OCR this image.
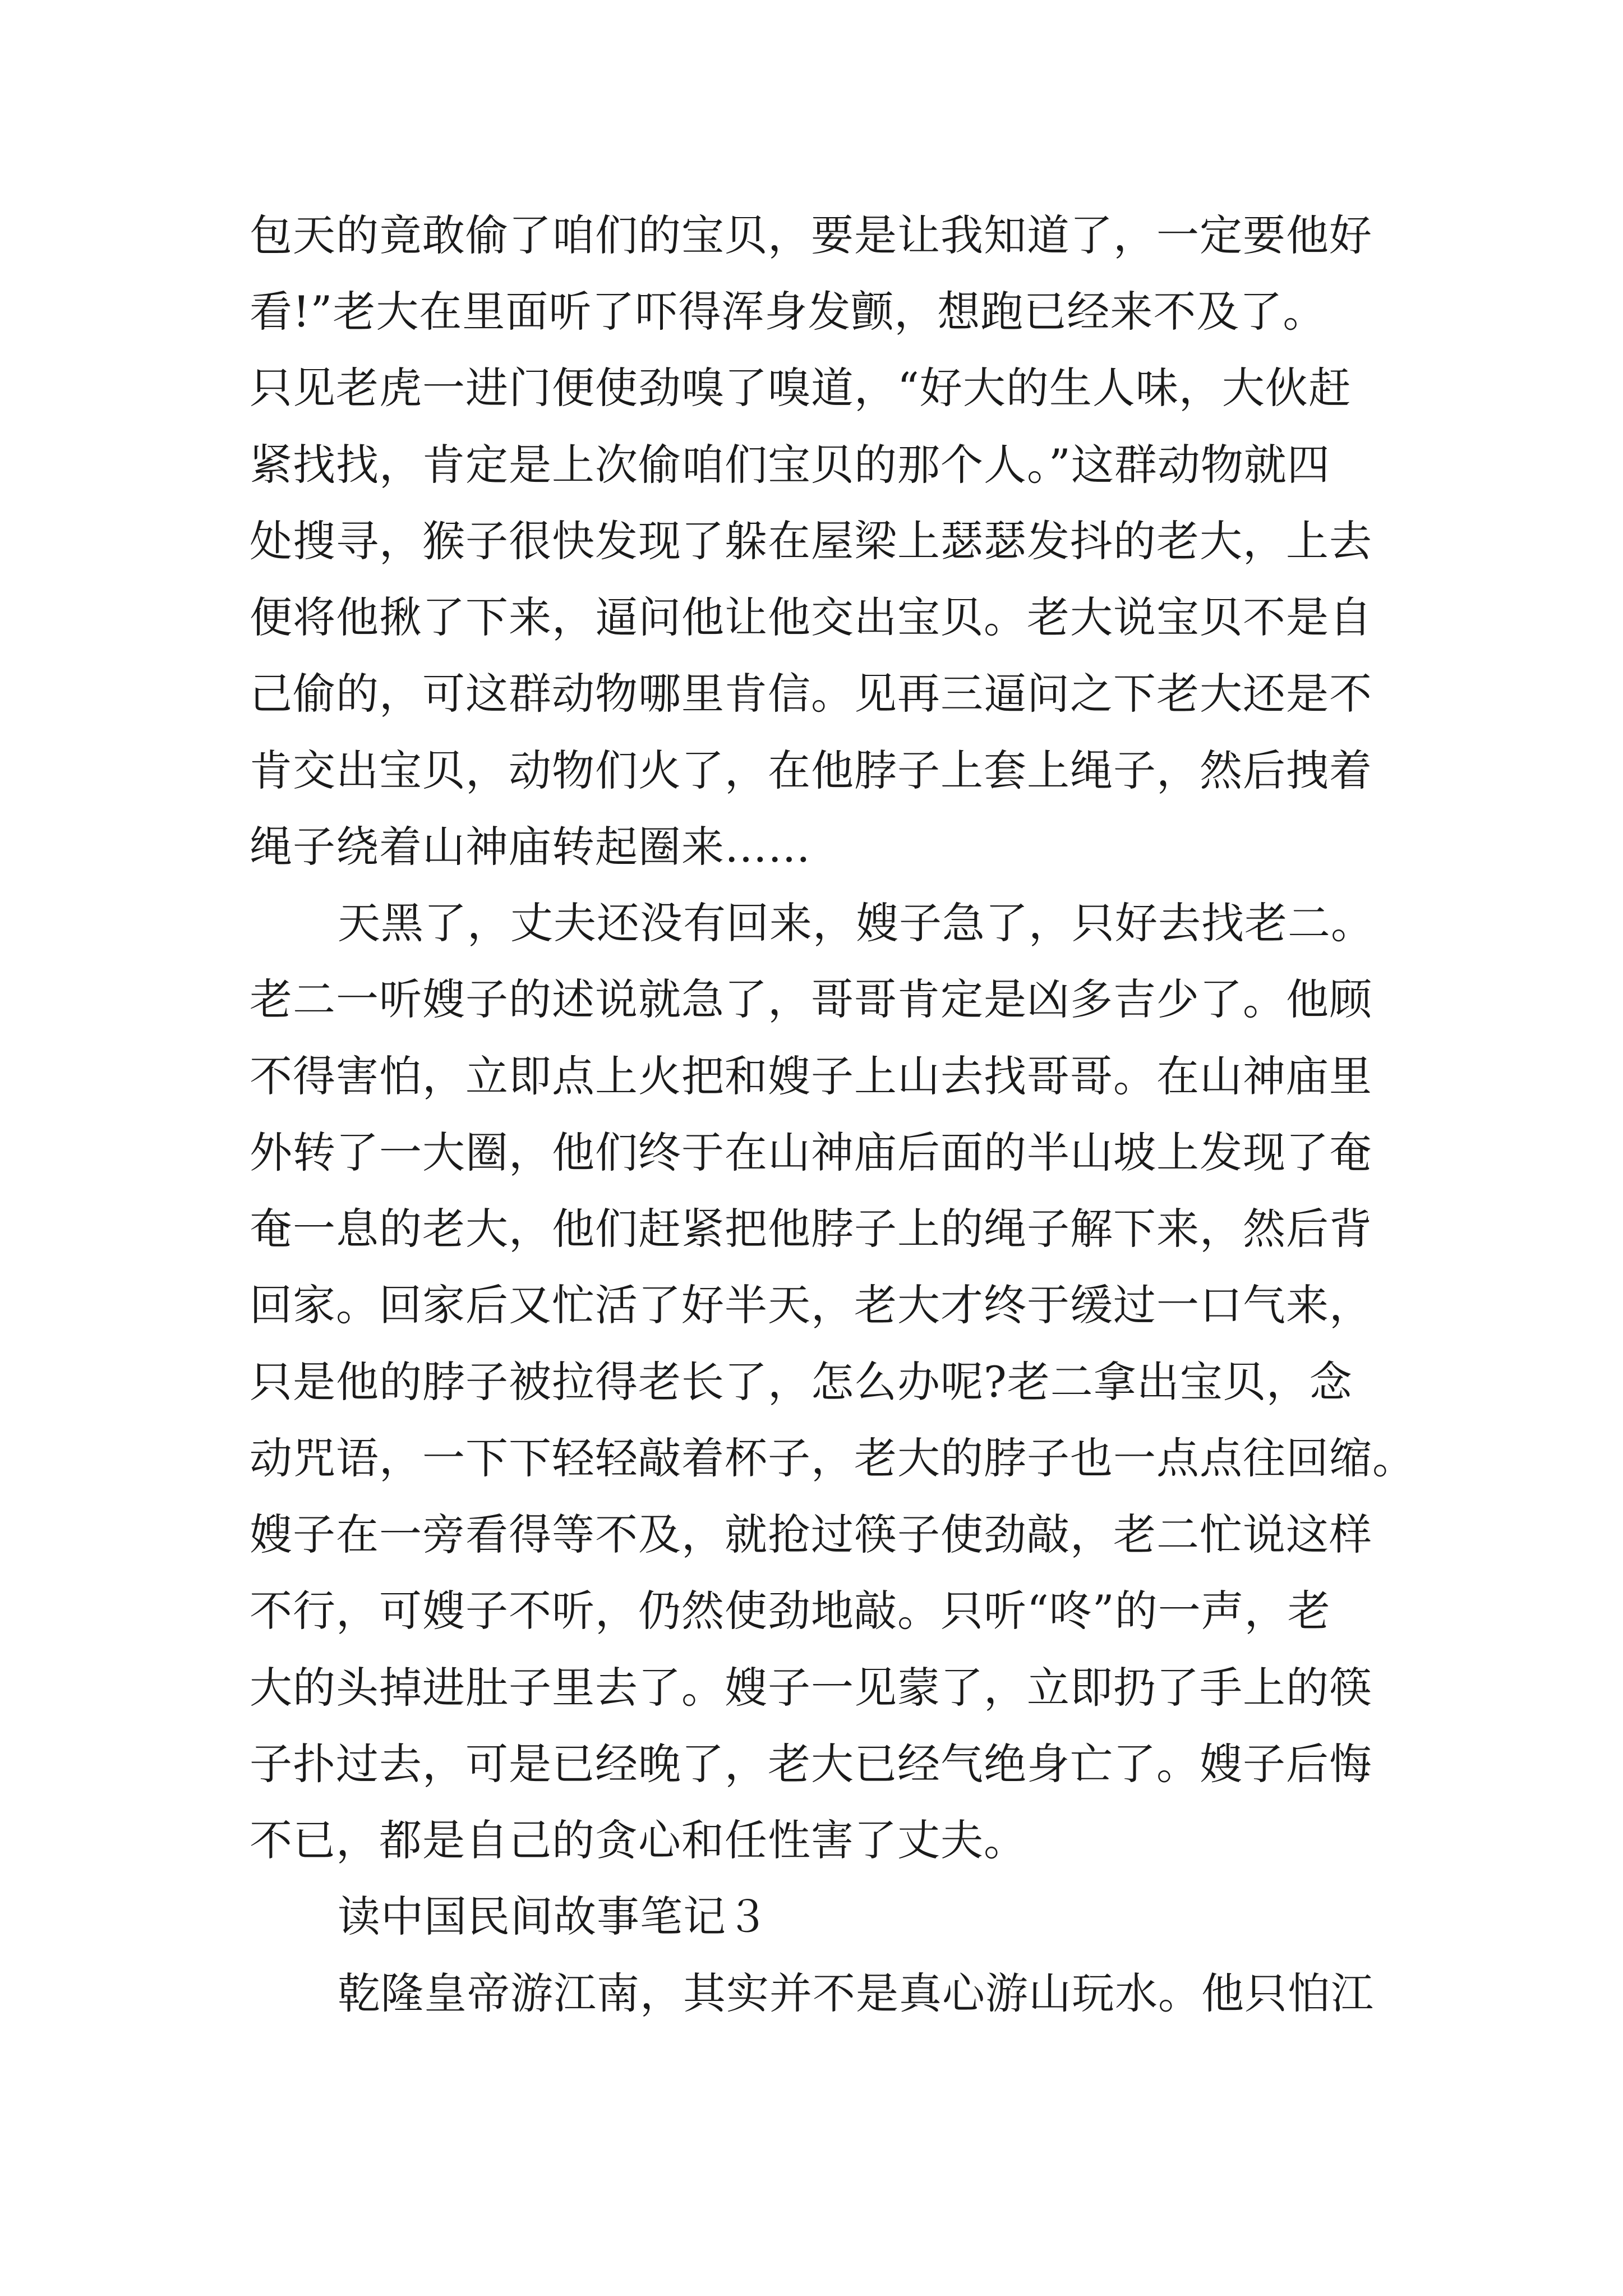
包天的竟敢偷了咱们的宝贝，要是让我知道了，一定要他好
看!”老大在里面听了吓得浑身发颤，想跑已经来不及了。
只见老虎一进门便使劲嗅了嗅道，“好大的生人味，大伙赶
紧找找，肯定是上次偷咱们宝贝的那个人。”这群动物就四
处搜寻，猴子很快发现了躲在屋梁上瑟瑟发抖的老大，上去
便将他揪了下来，逼问他让他交出宝贝。老大说宝贝不是自
己偷的，可这群动物哪里肯信。见再三逼问之下老大还是不
肯交出宝贝，动物们火了，在他脖子上套上绳子，然后拽着
绳子绕着山神庙转起圈来……
天黑了，丈夫还没有回来，嫂子急了，只好去找老二。
老二一听嫂子的述说就急了，哥哥肯定是凶多吉少了。他顾
不得害怕，立即点上火把和嫂子上山去找哥哥。在山神庙里
外转了一大圈，他们终于在山神庙后面的半山坡上发现了奄
奄一息的老大，他们赶紧把他脖子上的绳子解下来，然后背
回家。回家后又忙活了好半天，老大才终于缓过一口气来，
只是他的脖子被拉得老长了，怎么办呢?老二拿出宝贝，念
动咒语，一下下轻轻敲着杯子，老大的脖子也一点点往回缩。
嫂子在一旁看得等不及，就抢过筷子使劲敲，老二忙说这样
不行，可嫂子不听，仍然使劲地敲。只听“咚”的一声，老
大的头掉进肚子里去了。嫂子一见蒙了，立即扔了手上的筷
子扑过去，可是已经晚了，老大已经气绝身亡了。嫂子后悔
不已，都是自己的贪心和任性害了丈夫。
读中国民间故事笔记３
乾隆皇帝游江南，其实并不是真心游山玩水。他只怕江
